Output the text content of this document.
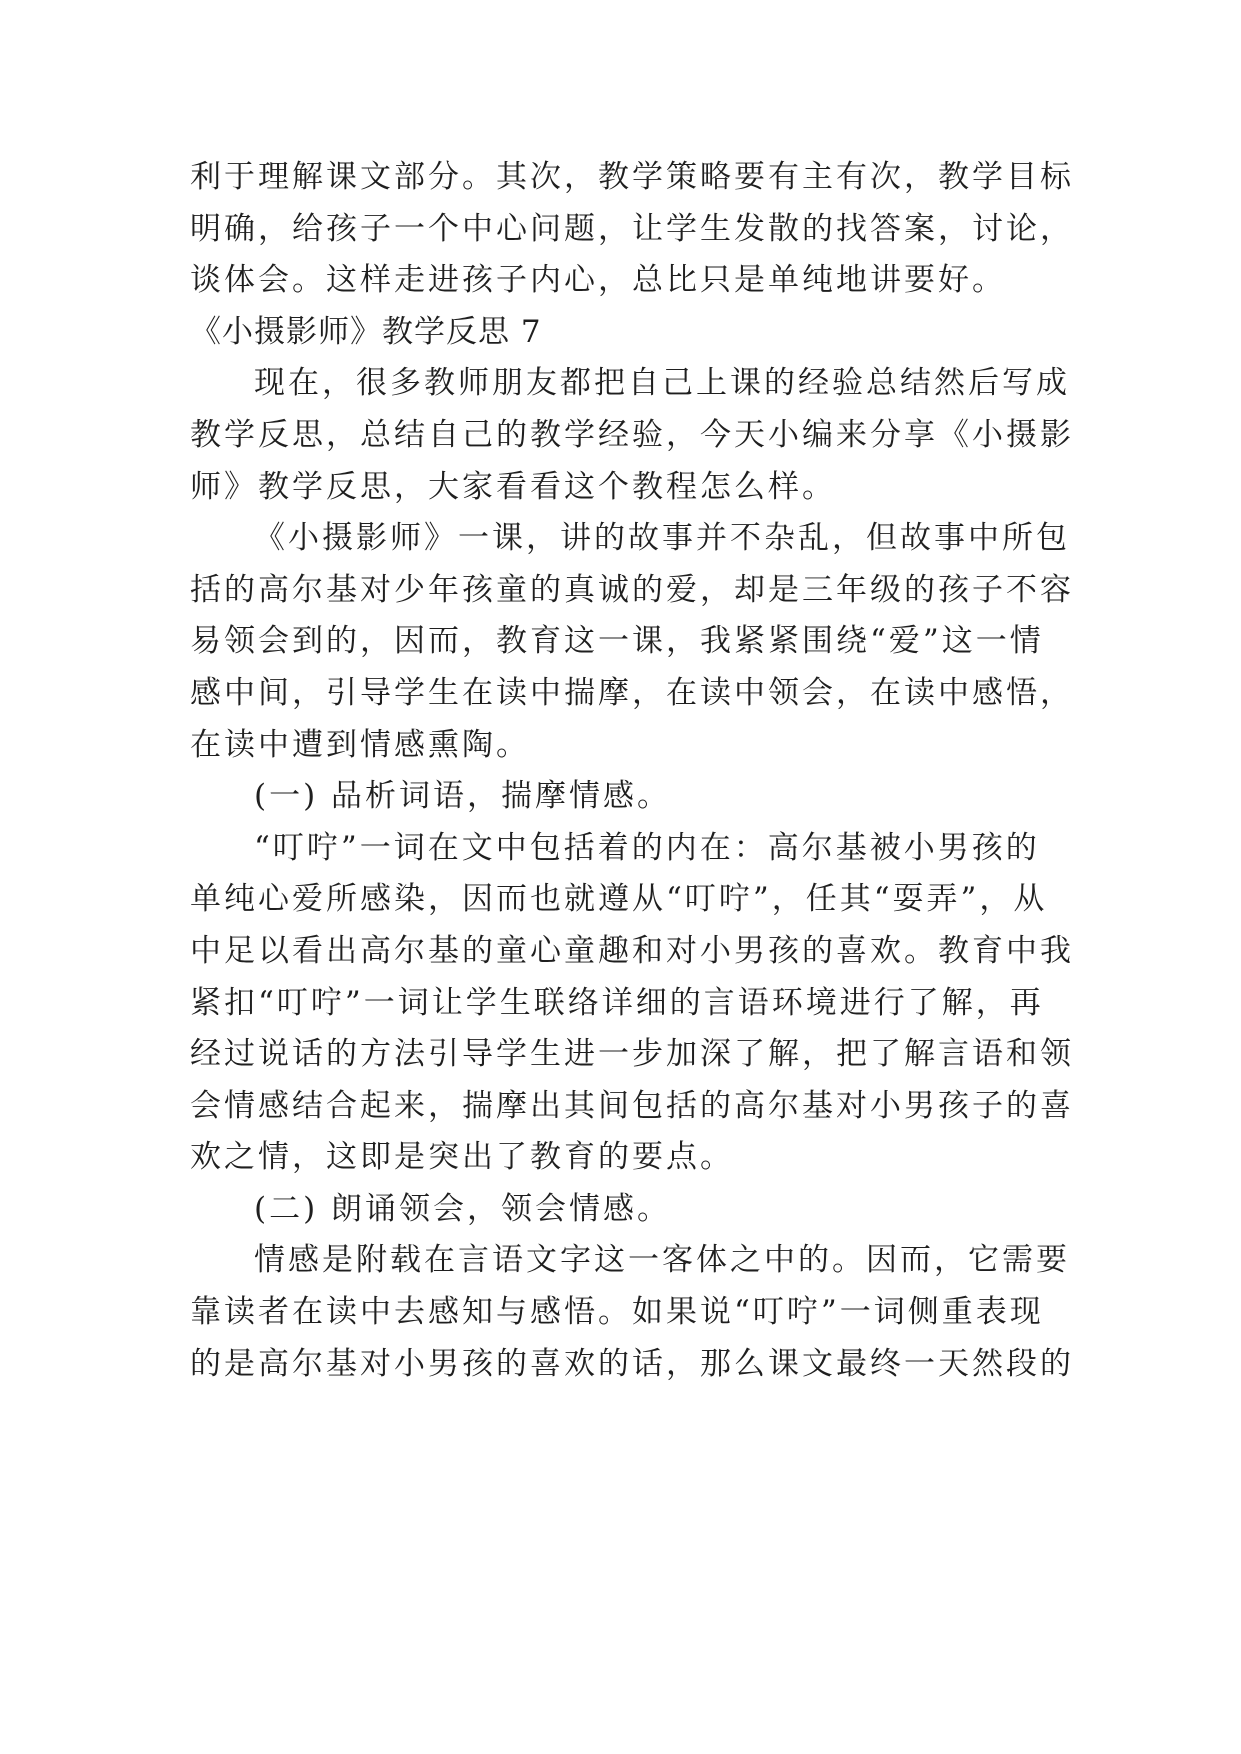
利于理解课文部分。其次，教学策略要有主有次，教学目标
明确，给孩子一个中心问题，让学生发散的找答案，讨论，
谈体会。这样走进孩子内心，总比只是单纯地讲要好。
《小摄影师》教学反思 7
现在，很多教师朋友都把自己上课的经验总结然后写成
教学反思，总结自己的教学经验，今天小编来分享《小摄影
师》教学反思，大家看看这个教程怎么样。
《小摄影师》一课，讲的故事并不杂乱，但故事中所包
括的高尔基对少年孩童的真诚的爱，却是三年级的孩子不容
易领会到的，因而，教育这一课，我紧紧围绕“爱”这一情
感中间，引导学生在读中揣摩，在读中领会，在读中感悟，
在读中遭到情感熏陶。
(一) 品析词语，揣摩情感。
“叮咛”一词在文中包括着的内在：高尔基被小男孩的
单纯心爱所感染，因而也就遵从“叮咛”，任其“耍弄”，从
中足以看出高尔基的童心童趣和对小男孩的喜欢。教育中我
紧扣“叮咛”一词让学生联络详细的言语环境进行了解，再
经过说话的方法引导学生进一步加深了解，把了解言语和领
会情感结合起来，揣摩出其间包括的高尔基对小男孩子的喜
欢之情，这即是突出了教育的要点。
(二) 朗诵领会，领会情感。
情感是附载在言语文字这一客体之中的。因而，它需要
靠读者在读中去感知与感悟。如果说“叮咛”一词侧重表现
的是高尔基对小男孩的喜欢的话，那么课文最终一天然段的
